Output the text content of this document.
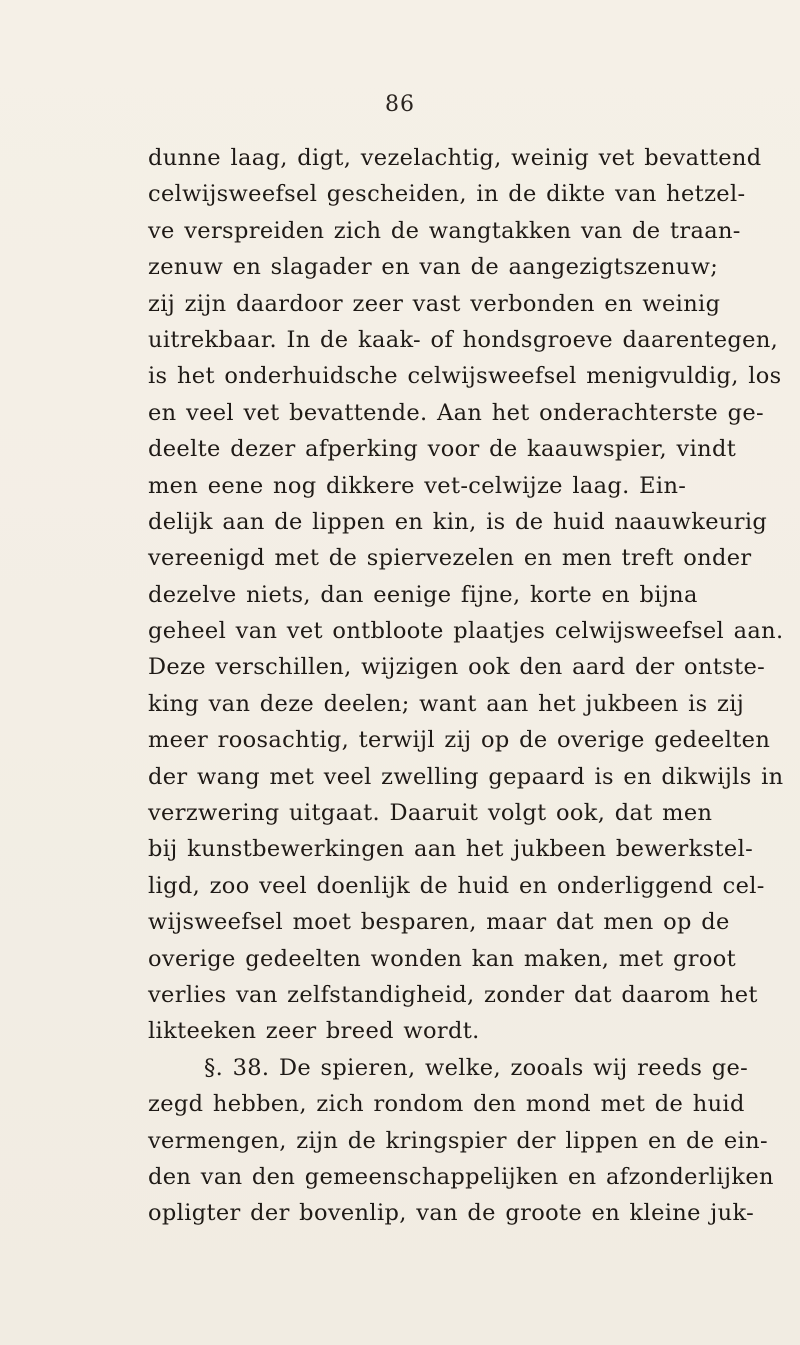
86
dunne laag, digt, vezelachtig, weinig vet bevattend
celwijsweefsel gescheiden, in de dikte van hetzel-
ve verspreiden zich de wangtakken van de traan-
zenuw en slagader en van de aangezigtszenuw;
zij zijn daardoor zeer vast verbonden en weinig
uitrekbaar. In de kaak- of hondsgroeve daarentegen,
is het onderhuidsche celwijsweefsel menigvuldig, los
en veel vet bevattende. Aan het onderachterste ge-
deelte dezer afperking voor de kaauwspier, vindt
men eene nog dikkere vet-celwijze laag. Ein-
delijk aan de lippen en kin, is de huid naauwkeurig
vereenigd met de spiervezelen en men treft onder
dezelve niets, dan eenige fijne, korte en bijna
geheel van vet ontbloote plaatjes celwijsweefsel aan.
Deze verschillen, wijzigen ook den aard der ontste-
king van deze deelen; want aan het jukbeen is zij
meer roosachtig, terwijl zij op de overige gedeelten
der wang met veel zwelling gepaard is en dikwijls in
verzwering uitgaat. Daaruit volgt ook, dat men
bij kunstbewerkingen aan het jukbeen bewerkstel-
ligd, zoo veel doenlijk de huid en onderliggend cel-
wijsweefsel moet besparen, maar dat men op de
overige gedeelten wonden kan maken, met groot
verlies van zelfstandigheid, zonder dat daarom het
likteeken zeer breed wordt.
§. 38. De spieren, welke, zooals wij reeds ge-
zegd hebben, zich rondom den mond met de huid
vermengen, zijn de kringspier der lippen en de ein-
den van den gemeenschappelijken en afzonderlijken
opligter der bovenlip, van de groote en kleine juk-
